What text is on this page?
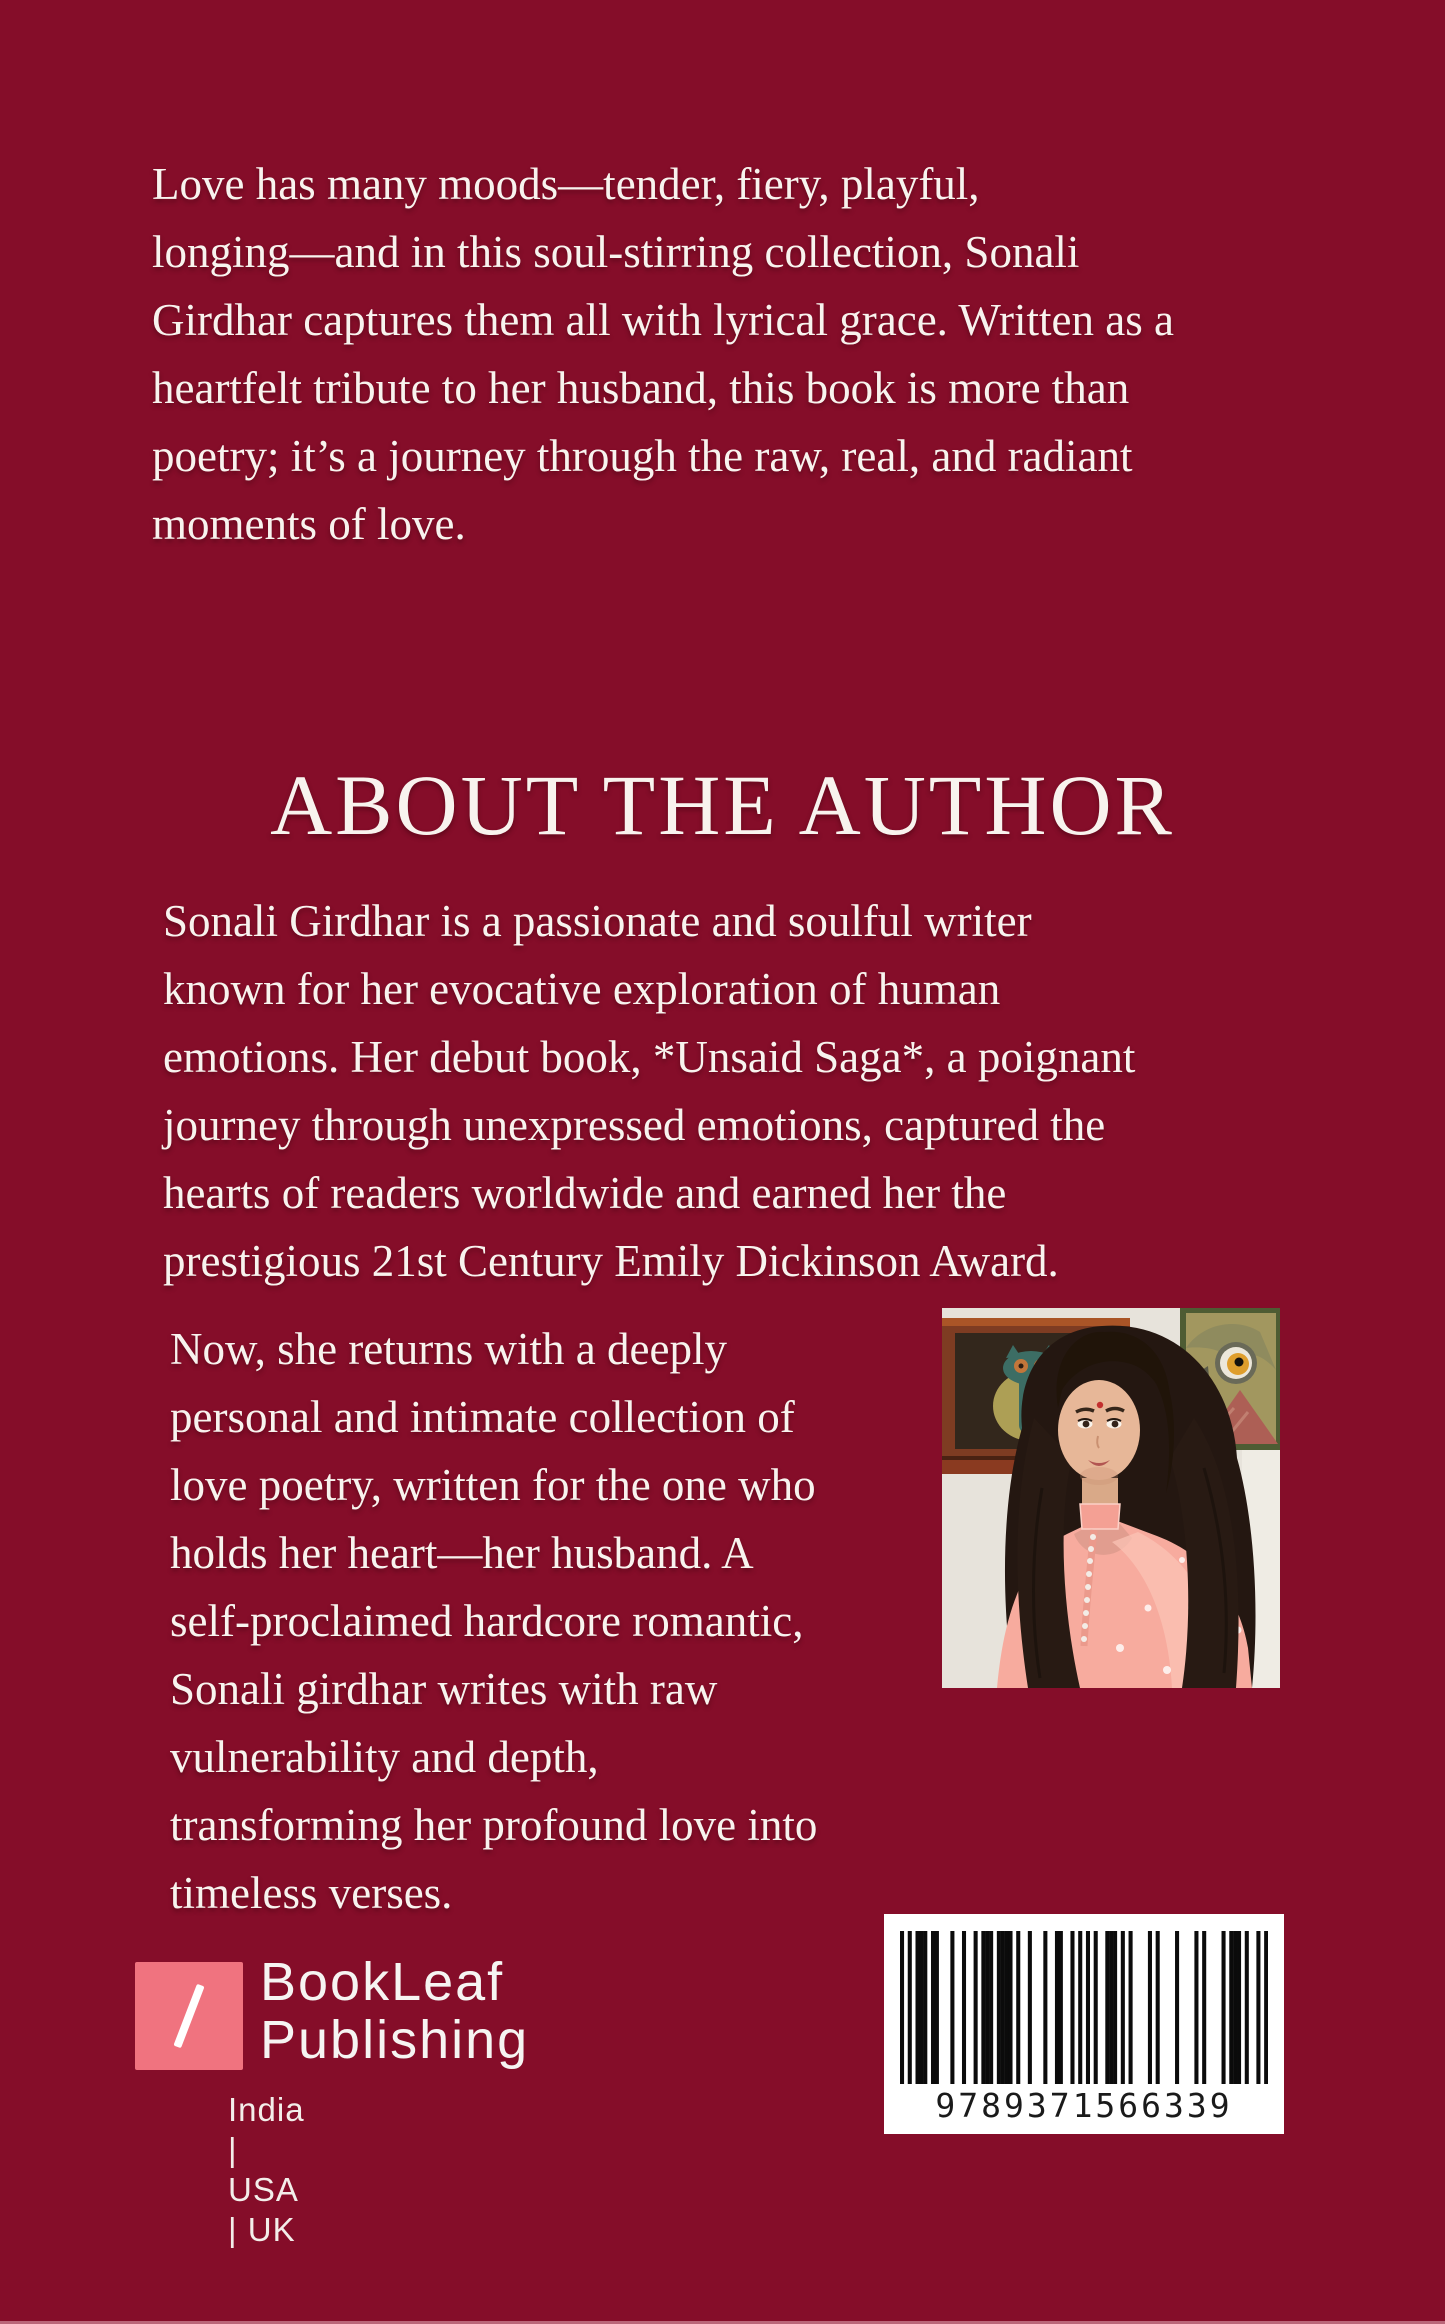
Love has many moods—tender, fiery, playful,
longing—and in this soul-stirring collection, Sonali
Girdhar captures them all with lyrical grace. Written as a
heartfelt tribute to her husband, this book is more than
poetry; it’s a journey through the raw, real, and radiant
moments of love.
ABOUT THE AUTHOR
Sonali Girdhar is a passionate and soulful writer
known for her evocative exploration of human
emotions. Her debut book, *Unsaid Saga*, a poignant
journey through unexpressed emotions, captured the
hearts of readers worldwide and earned her the
prestigious 21st Century Emily Dickinson Award.
Now, she returns with a deeply
personal and intimate collection of
love poetry, written for the one who
holds her heart—her husband. A
self-proclaimed hardcore romantic,
Sonali girdhar writes with raw
vulnerability and depth,
transforming her profound love into
timeless verses.
BookLeaf
Publishing
India | USA | UK
9789371566339
